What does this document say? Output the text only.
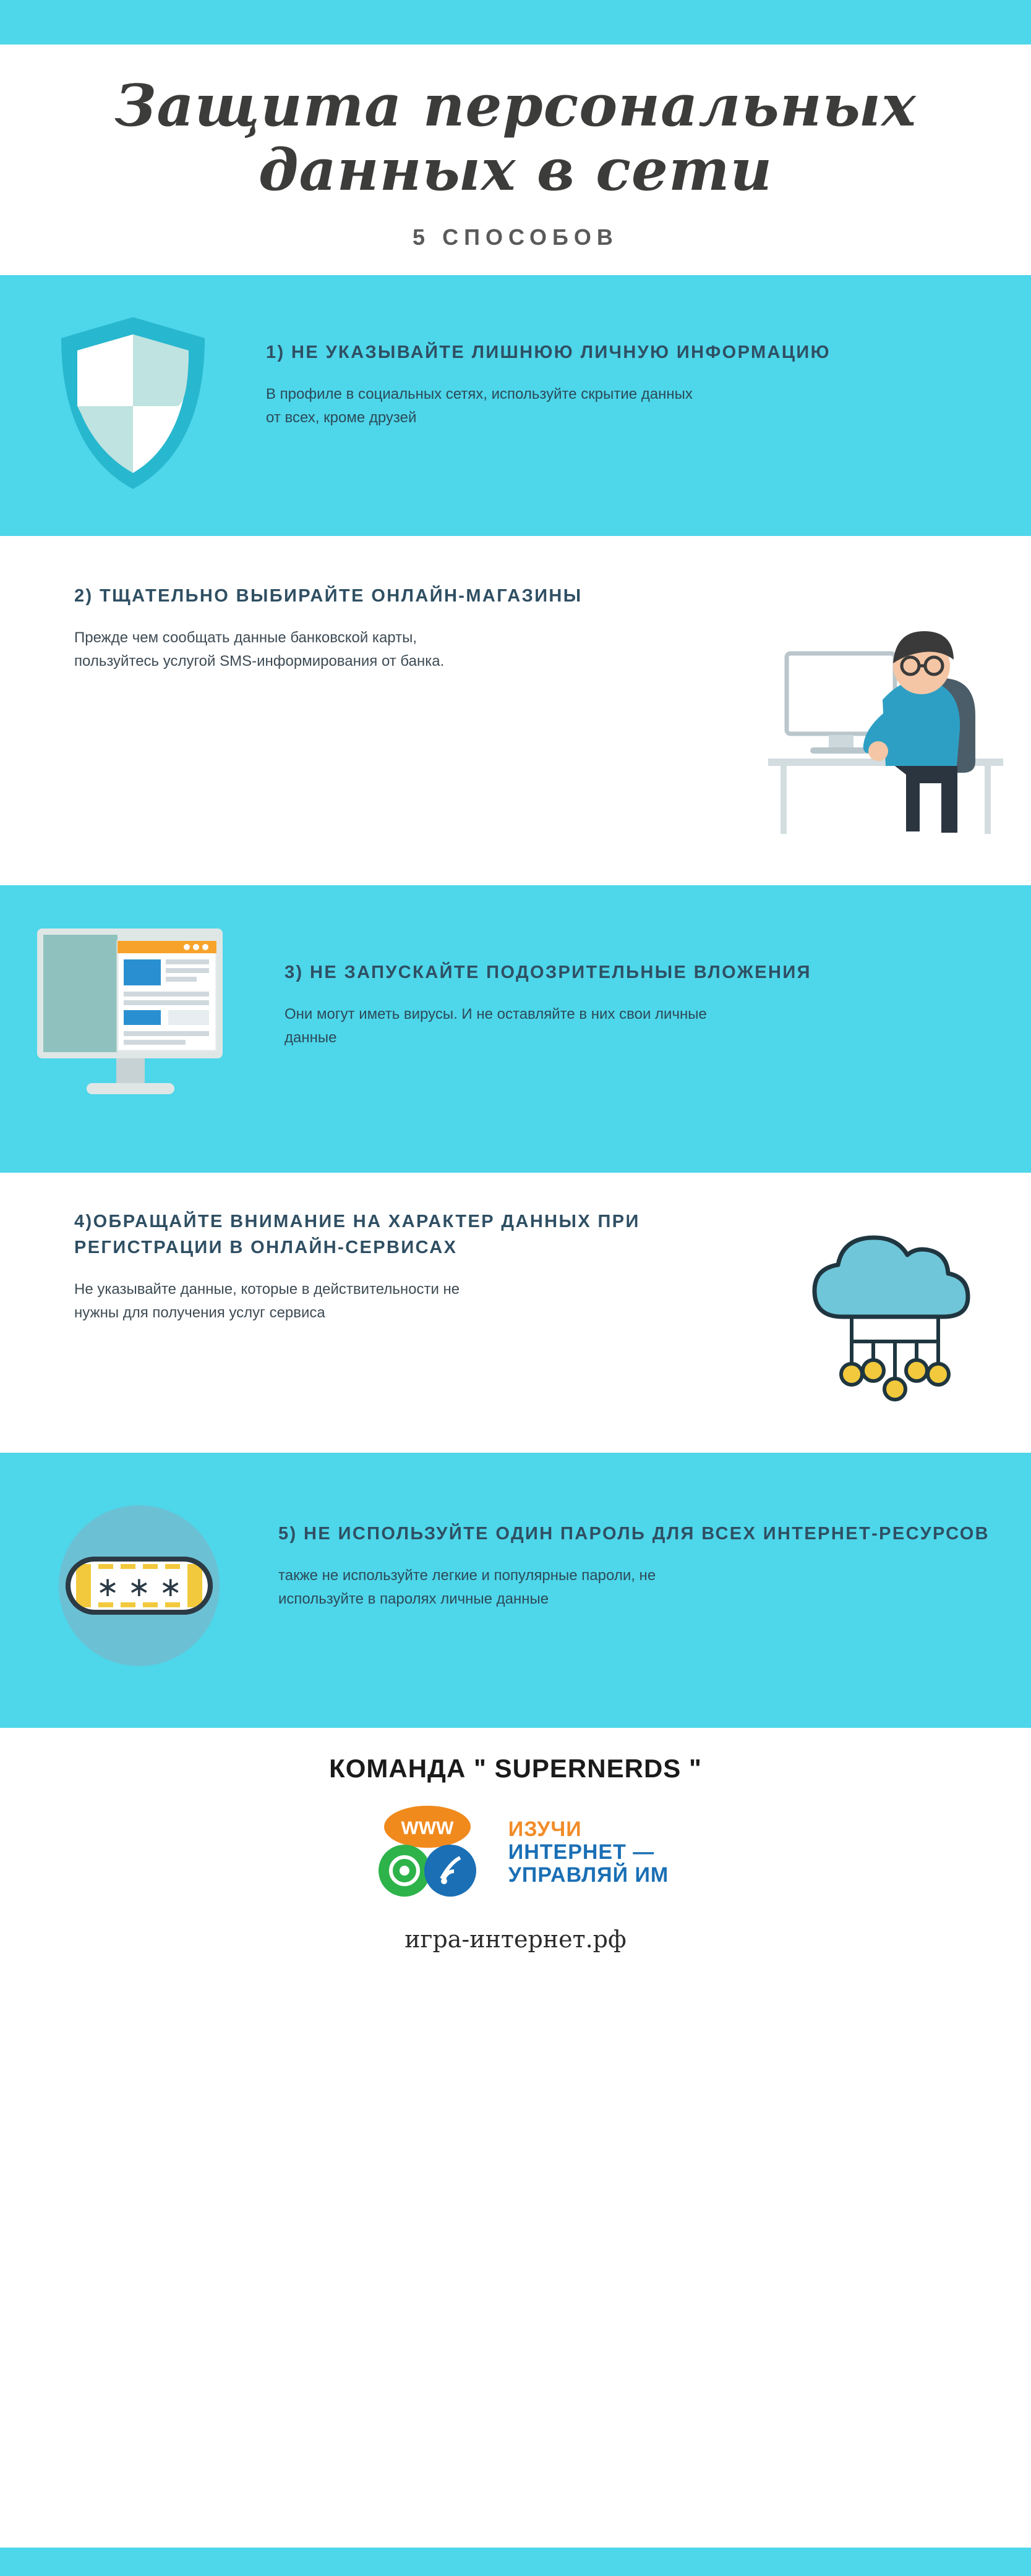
Защита персональных
данных в сети
5 СПОСОБОВ

1) НЕ УКАЗЫВАЙТЕ ЛИШНЮЮ ЛИЧНУЮ ИНФОРМАЦИЮ

В профиле в социальных сетях, используйте скрытие данных от всех, кроме друзей

2) ТЩАТЕЛЬНО ВЫБИРАЙТЕ ОНЛАЙН-МАГАЗИНЫ

Прежде чем сообщать данные банковской карты, пользуйтесь услугой SMS-информирования от банка.

3) НЕ ЗАПУСКАЙТЕ ПОДОЗРИТЕЛЬНЫЕ ВЛОЖЕНИЯ

Они могут иметь вирусы. И не оставляйте в них свои личные данные

4)ОБРАЩАЙТЕ ВНИМАНИЕ НА ХАРАКТЕР ДАННЫХ ПРИ РЕГИСТРАЦИИ В ОНЛАЙН-СЕРВИСАХ

Не указывайте данные, которые в действительности не нужны для получения услуг сервиса

∗ ∗ ∗

5) НЕ ИСПОЛЬЗУЙТЕ ОДИН ПАРОЛЬ ДЛЯ ВСЕХ ИНТЕРНЕТ-РЕСУРСОВ

также не используйте легкие и популярные пароли, не используйте в паролях личные данные

КОМАНДА " SUPERNERDS "
WWW	ИЗУЧИ
ИНТЕРНЕТ —
УПРАВЛЯЙ ИМ
игра-интернет.рф
